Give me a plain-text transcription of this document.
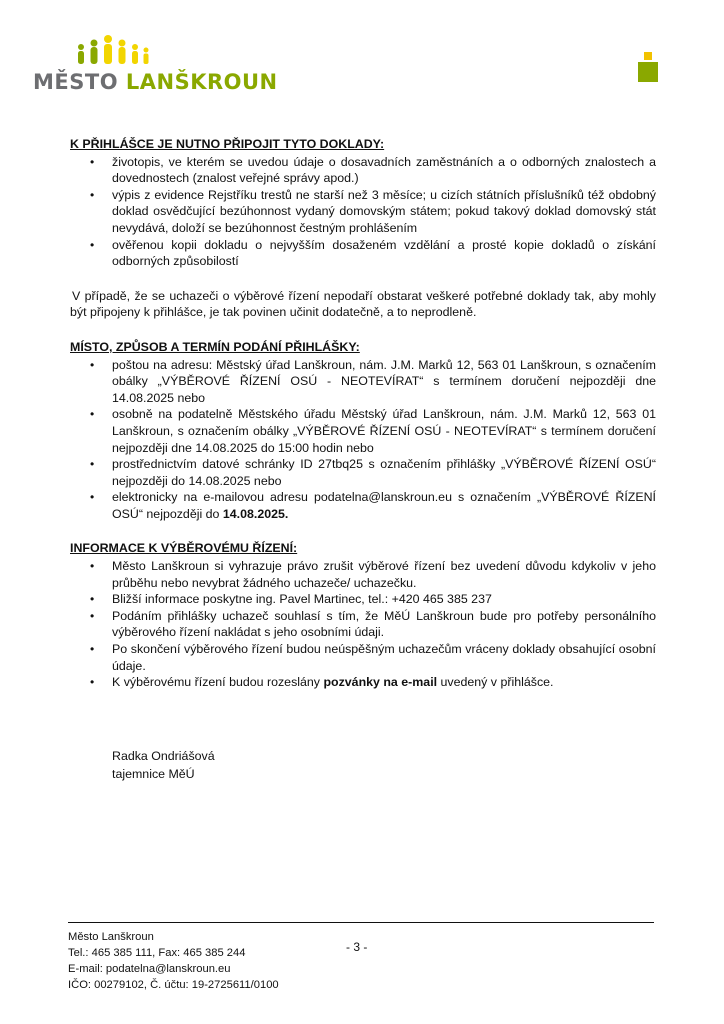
MĚSTO LANŠKROUN
K PŘIHLÁŠCE JE NUTNO PŘIPOJIT TYTO DOKLADY:
• životopis, ve kterém se uvedou údaje o dosavadních zaměstnáních a o odborných znalostech a dovednostech (znalost veřejné správy apod.)
• výpis z evidence Rejstříku trestů ne starší než 3 měsíce; u cizích státních příslušníků též obdobný doklad osvědčující bezúhonnost vydaný domovským státem; pokud takový doklad domovský stát nevydává, doloží se bezúhonnost čestným prohlášením
• ověřenou kopii dokladu o nejvyšším dosaženém vzdělání a prosté kopie dokladů o získání odborných způsobilostí

V případě, že se uchazeči o výběrové řízení nepodaří obstarat veškeré potřebné doklady tak, aby mohly být připojeny k přihlášce, je tak povinen učinit dodatečně, a to neprodleně.

MÍSTO, ZPŮSOB A TERMÍN PODÁNÍ PŘIHLÁŠKY:
• poštou na adresu: Městský úřad Lanškroun, nám. J.M. Marků 12, 563 01 Lanškroun, s označením obálky „VÝBĚROVÉ ŘÍZENÍ OSÚ - NEOTEVÍRAT“ s termínem doručení nejpozději dne 14.08.2025 nebo
• osobně na podatelně Městského úřadu Městský úřad Lanškroun, nám. J.M. Marků 12, 563 01 Lanškroun, s označením obálky „VÝBĚROVÉ ŘÍZENÍ OSÚ - NEOTEVÍRAT“ s termínem doručení nejpozději dne 14.08.2025 do 15:00 hodin nebo
• prostřednictvím datové schránky ID 27tbq25 s označením přihlášky „VÝBĚROVÉ ŘÍZENÍ OSÚ“ nejpozději do 14.08.2025 nebo
• elektronicky na e-mailovou adresu podatelna@lanskroun.eu s označením „VÝBĚROVÉ ŘÍZENÍ OSÚ“ nejpozději do 14.08.2025.
INFORMACE K VÝBĚROVÉMU ŘÍZENÍ:
• Město Lanškroun si vyhrazuje právo zrušit výběrové řízení bez uvedení důvodu kdykoliv v jeho průběhu nebo nevybrat žádného uchazeče/ uchazečku.
• Bližší informace poskytne ing. Pavel Martinec, tel.: +420 465 385 237
• Podáním přihlášky uchazeč souhlasí s tím, že MěÚ Lanškroun bude pro potřeby personálního výběrového řízení nakládat s jeho osobními údaji.
• Po skončení výběrového řízení budou neúspěšným uchazečům vráceny doklady obsahující osobní údaje.
• K výběrovému řízení budou rozeslány pozvánky na e-mail uvedený v přihlášce.
Radka Ondriášová
tajemnice MěÚ
Město Lanškroun
Tel.: 465 385 111, Fax: 465 385 244
E-mail: podatelna@lanskroun.eu
IČO: 00279102, Č. účtu: 19-2725611/0100
- 3 -
